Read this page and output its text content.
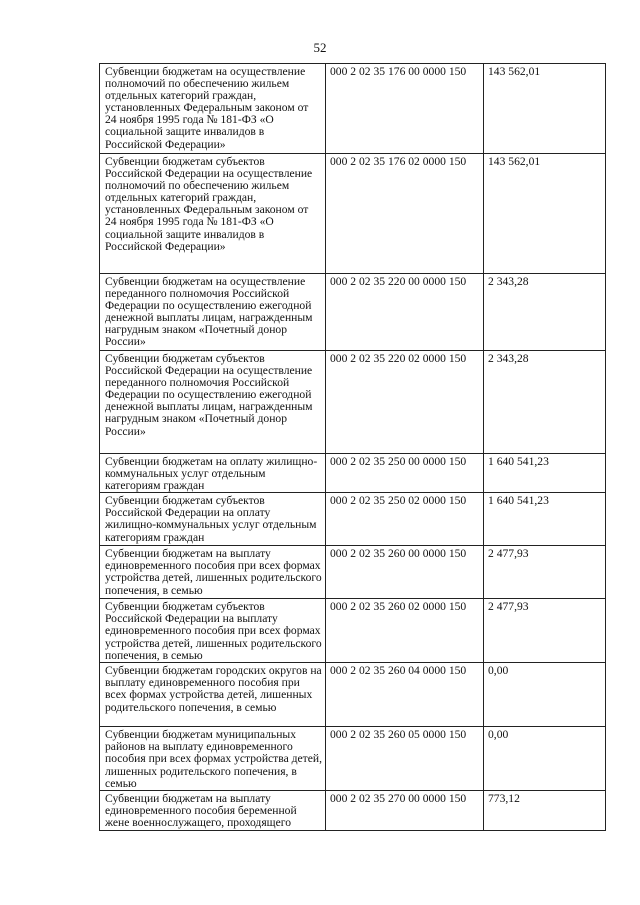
52
Субвенции бюджетам на осуществление полномочий по обеспечению жильем отдельных категорий граждан, установленных Федеральным законом от 24 ноября 1995 года № 181-ФЗ «О социальной защите инвалидов в Российской Федерации»	000 2 02 35 176 00 0000 150	143 562,01
Субвенции бюджетам субъектов Российской Федерации на осуществление полномочий по обеспечению жильем отдельных категорий граждан, установленных Федеральным законом от 24 ноября 1995 года № 181-ФЗ «О социальной защите инвалидов в Российской Федерации»	000 2 02 35 176 02 0000 150	143 562,01
Субвенции бюджетам на осуществление переданного полномочия Российской Федерации по осуществлению ежегодной денежной выплаты лицам, награжденным нагрудным знаком «Почетный донор России»	000 2 02 35 220 00 0000 150	2 343,28
Субвенции бюджетам субъектов Российской Федерации на осуществление переданного полномочия Российской Федерации по осуществлению ежегодной денежной выплаты лицам, награжденным нагрудным знаком «Почетный донор России»	000 2 02 35 220 02 0000 150	2 343,28
Субвенции бюджетам на оплату жилищно-коммунальных услуг отдельным категориям граждан	000 2 02 35 250 00 0000 150	1 640 541,23
Субвенции бюджетам субъектов Российской Федерации на оплату жилищно-коммунальных услуг отдельным категориям граждан	000 2 02 35 250 02 0000 150	1 640 541,23
Субвенции бюджетам на выплату единовременного пособия при всех формах устройства детей, лишенных родительского попечения, в семью	000 2 02 35 260 00 0000 150	2 477,93
Субвенции бюджетам субъектов Российской Федерации на выплату единовременного пособия при всех формах устройства детей, лишенных родительского попечения, в семью	000 2 02 35 260 02 0000 150	2 477,93
Субвенции бюджетам городских округов на выплату единовременного пособия при всех формах устройства детей, лишенных родительского попечения, в семью	000 2 02 35 260 04 0000 150	0,00
Субвенции бюджетам муниципальных районов на выплату единовременного пособия при всех формах устройства детей, лишенных родительского попечения, в семью	000 2 02 35 260 05 0000 150	0,00
Субвенции бюджетам на выплату единовременного пособия беременной жене военнослужащего, проходящего	000 2 02 35 270 00 0000 150	773,12
